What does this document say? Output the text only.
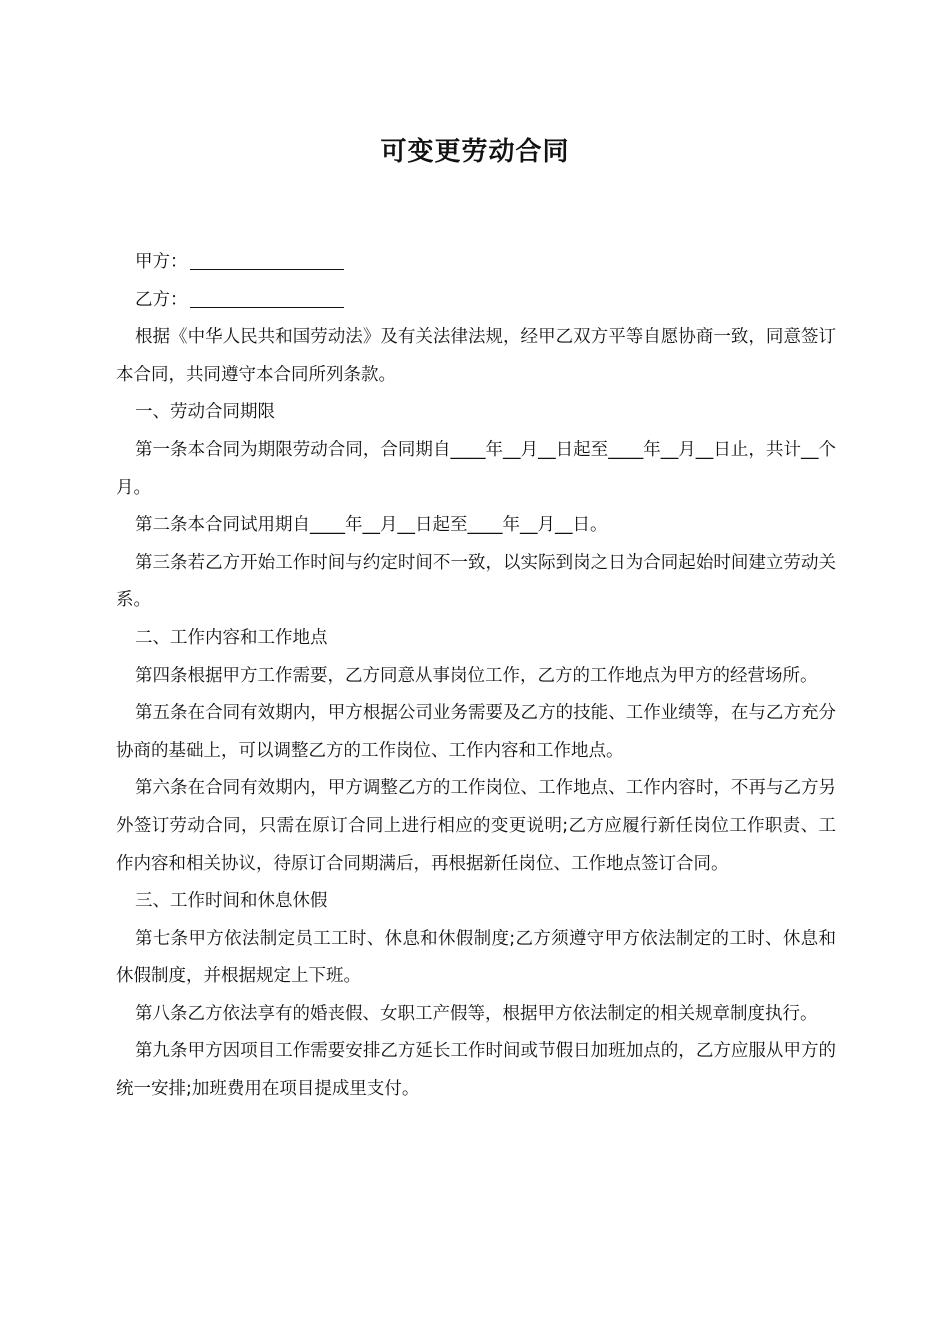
可变更劳动合同

甲方：

乙方：

根据《中华人民共和国劳动法》及有关法律法规，经甲乙双方平等自愿协商一致，同意签订本合同，共同遵守本合同所列条款。

一、劳动合同期限

第一条本合同为期限劳动合同，合同期自____年__月__日起至____年__月__日止，共计__个月。

第二条本合同试用期自____年__月__日起至____年__月__日。

第三条若乙方开始工作时间与约定时间不一致，以实际到岗之日为合同起始时间建立劳动关系。

二、工作内容和工作地点

第四条根据甲方工作需要，乙方同意从事岗位工作，乙方的工作地点为甲方的经营场所。

第五条在合同有效期内，甲方根据公司业务需要及乙方的技能、工作业绩等，在与乙方充分协商的基础上，可以调整乙方的工作岗位、工作内容和工作地点。

第六条在合同有效期内，甲方调整乙方的工作岗位、工作地点、工作内容时，不再与乙方另外签订劳动合同，只需在原订合同上进行相应的变更说明;乙方应履行新任岗位工作职责、工作内容和相关协议，待原订合同期满后，再根据新任岗位、工作地点签订合同。

三、工作时间和休息休假

第七条甲方依法制定员工工时、休息和休假制度;乙方须遵守甲方依法制定的工时、休息和休假制度，并根据规定上下班。

第八条乙方依法享有的婚丧假、女职工产假等，根据甲方依法制定的相关规章制度执行。

第九条甲方因项目工作需要安排乙方延长工作时间或节假日加班加点的，乙方应服从甲方的统一安排;加班费用在项目提成里支付。
